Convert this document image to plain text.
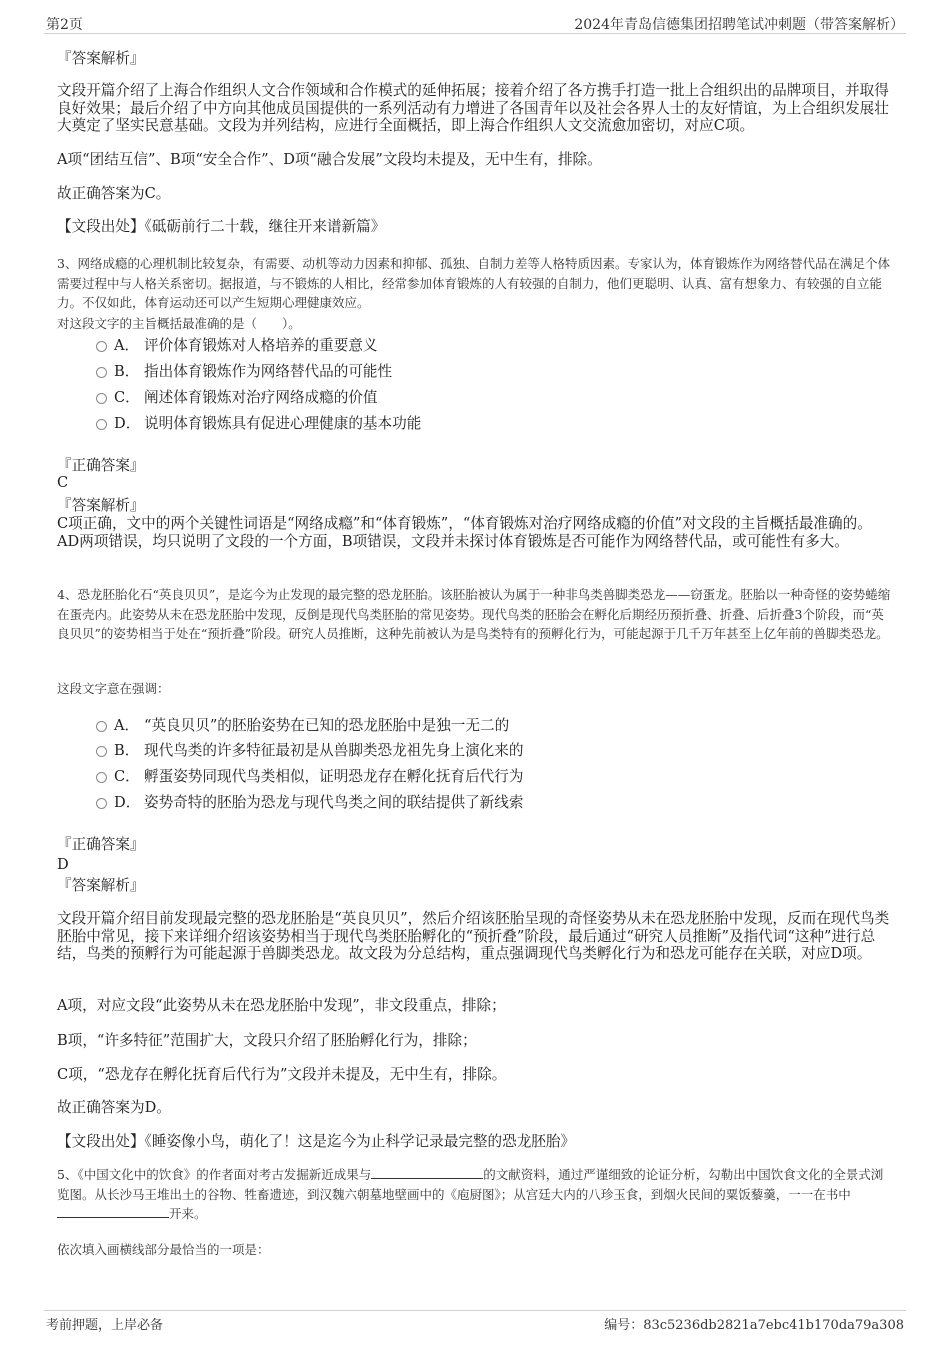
第2页	2024年青岛信德集团招聘笔试冲刺题（带答案解析）
『答案解析』
文段开篇介绍了上海合作组织人文合作领域和合作模式的延伸拓展；接着介绍了各方携手打造一批上合组织出的品牌项目，并取得良好效果；最后介绍了中方向其他成员国提供的一系列活动有力增进了各国青年以及社会各界人士的友好情谊，为上合组织发展壮大奠定了坚实民意基础。文段为并列结构，应进行全面概括，即上海合作组织人文交流愈加密切，对应C项。
A项“团结互信”、B项“安全合作”、D项“融合发展”文段均未提及，无中生有，排除。
故正确答案为C。
【文段出处】《砥砺前行二十载，继往开来谱新篇》
3、网络成瘾的心理机制比较复杂，有需要、动机等动力因素和抑郁、孤独、自制力差等人格特质因素。专家认为，体育锻炼作为网络替代品在满足个体需要过程中与人格关系密切。据报道，与不锻炼的人相比，经常参加体育锻炼的人有较强的自制力，他们更聪明、认真、富有想象力、有较强的自立能力。不仅如此，体育运动还可以产生短期心理健康效应。
对这段文字的主旨概括最准确的是（　　）。
A． 评价体育锻炼对人格培养的重要意义
B． 指出体育锻炼作为网络替代品的可能性
C． 阐述体育锻炼对治疗网络成瘾的价值
D． 说明体育锻炼具有促进心理健康的基本功能
『正确答案』
C
『答案解析』
C项正确，文中的两个关键性词语是“网络成瘾”和“体育锻炼”，“体育锻炼对治疗网络成瘾的价值”对文段的主旨概括最准确的。AD两项错误，均只说明了文段的一个方面，B项错误，文段并未探讨体育锻炼是否可能作为网络替代品，或可能性有多大。
4、恐龙胚胎化石“英良贝贝”，是迄今为止发现的最完整的恐龙胚胎。该胚胎被认为属于一种非鸟类兽脚类恐龙——窃蛋龙。胚胎以一种奇怪的姿势蜷缩在蛋壳内。此姿势从未在恐龙胚胎中发现，反倒是现代鸟类胚胎的常见姿势。现代鸟类的胚胎会在孵化后期经历预折叠、折叠、后折叠3个阶段，而“英良贝贝”的姿势相当于处在“预折叠”阶段。研究人员推断，这种先前被认为是鸟类特有的预孵化行为，可能起源于几千万年甚至上亿年前的兽脚类恐龙。
这段文字意在强调：
A． “英良贝贝”的胚胎姿势在已知的恐龙胚胎中是独一无二的
B． 现代鸟类的许多特征最初是从兽脚类恐龙祖先身上演化来的
C． 孵蛋姿势同现代鸟类相似，证明恐龙存在孵化抚育后代行为
D． 姿势奇特的胚胎为恐龙与现代鸟类之间的联结提供了新线索
『正确答案』
D
『答案解析』
文段开篇介绍目前发现最完整的恐龙胚胎是“英良贝贝”，然后介绍该胚胎呈现的奇怪姿势从未在恐龙胚胎中发现，反而在现代鸟类胚胎中常见，接下来详细介绍该姿势相当于现代鸟类胚胎孵化的“预折叠”阶段，最后通过“研究人员推断”及指代词“这种”进行总结，鸟类的预孵行为可能起源于兽脚类恐龙。故文段为分总结构，重点强调现代鸟类孵化行为和恐龙可能存在关联，对应D项。
A项，对应文段“此姿势从未在恐龙胚胎中发现”，非文段重点，排除；
B项，“许多特征”范围扩大，文段只介绍了胚胎孵化行为，排除；
C项，“恐龙存在孵化抚育后代行为”文段并未提及，无中生有，排除。
故正确答案为D。
【文段出处】《睡姿像小鸟，萌化了！这是迄今为止科学记录最完整的恐龙胚胎》
5、《中国文化中的饮食》的作者面对考古发掘新近成果与	的文献资料，通过严谨细致的论证分析，勾勒出中国饮食文化的全景式浏览图。从长沙马王堆出土的谷物、牲畜遗迹，到汉魏六朝墓地壁画中的《庖厨图》；从宫廷大内的八珍玉食，到烟火民间的粟饭藜羹，一一在书中开来。
依次填入画横线部分最恰当的一项是：
考前押题，上岸必备	编号：83c5236db2821a7ebc41b170da79a308
